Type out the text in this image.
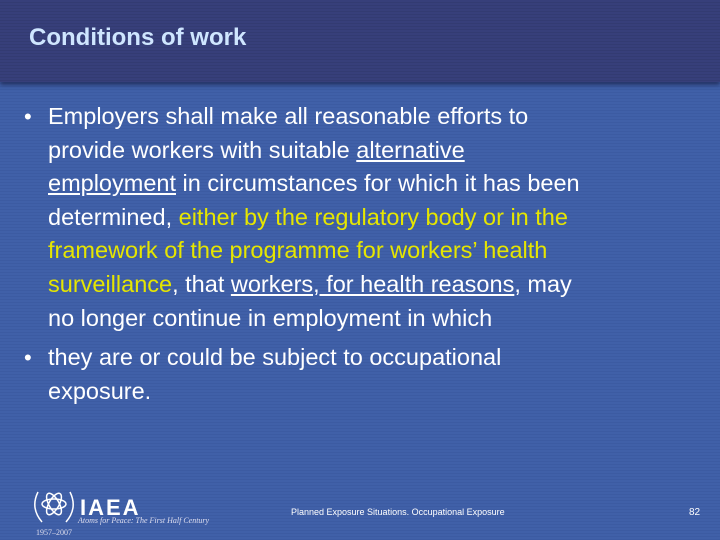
Conditions of work
•
•
Employers shall make all reasonable efforts to
provide workers with suitable alternative
employment in circumstances for which it has been
determined, either by the regulatory body or in the
framework of the programme for workers’ health
surveillance, that workers, for health reasons, may
no longer continue in employment in which
they are or could be subject to occupational
exposure.
IAEA
Atoms for Peace: The First Half Century
1957–2007
Planned Exposure Situations. Occupational Exposure	82
